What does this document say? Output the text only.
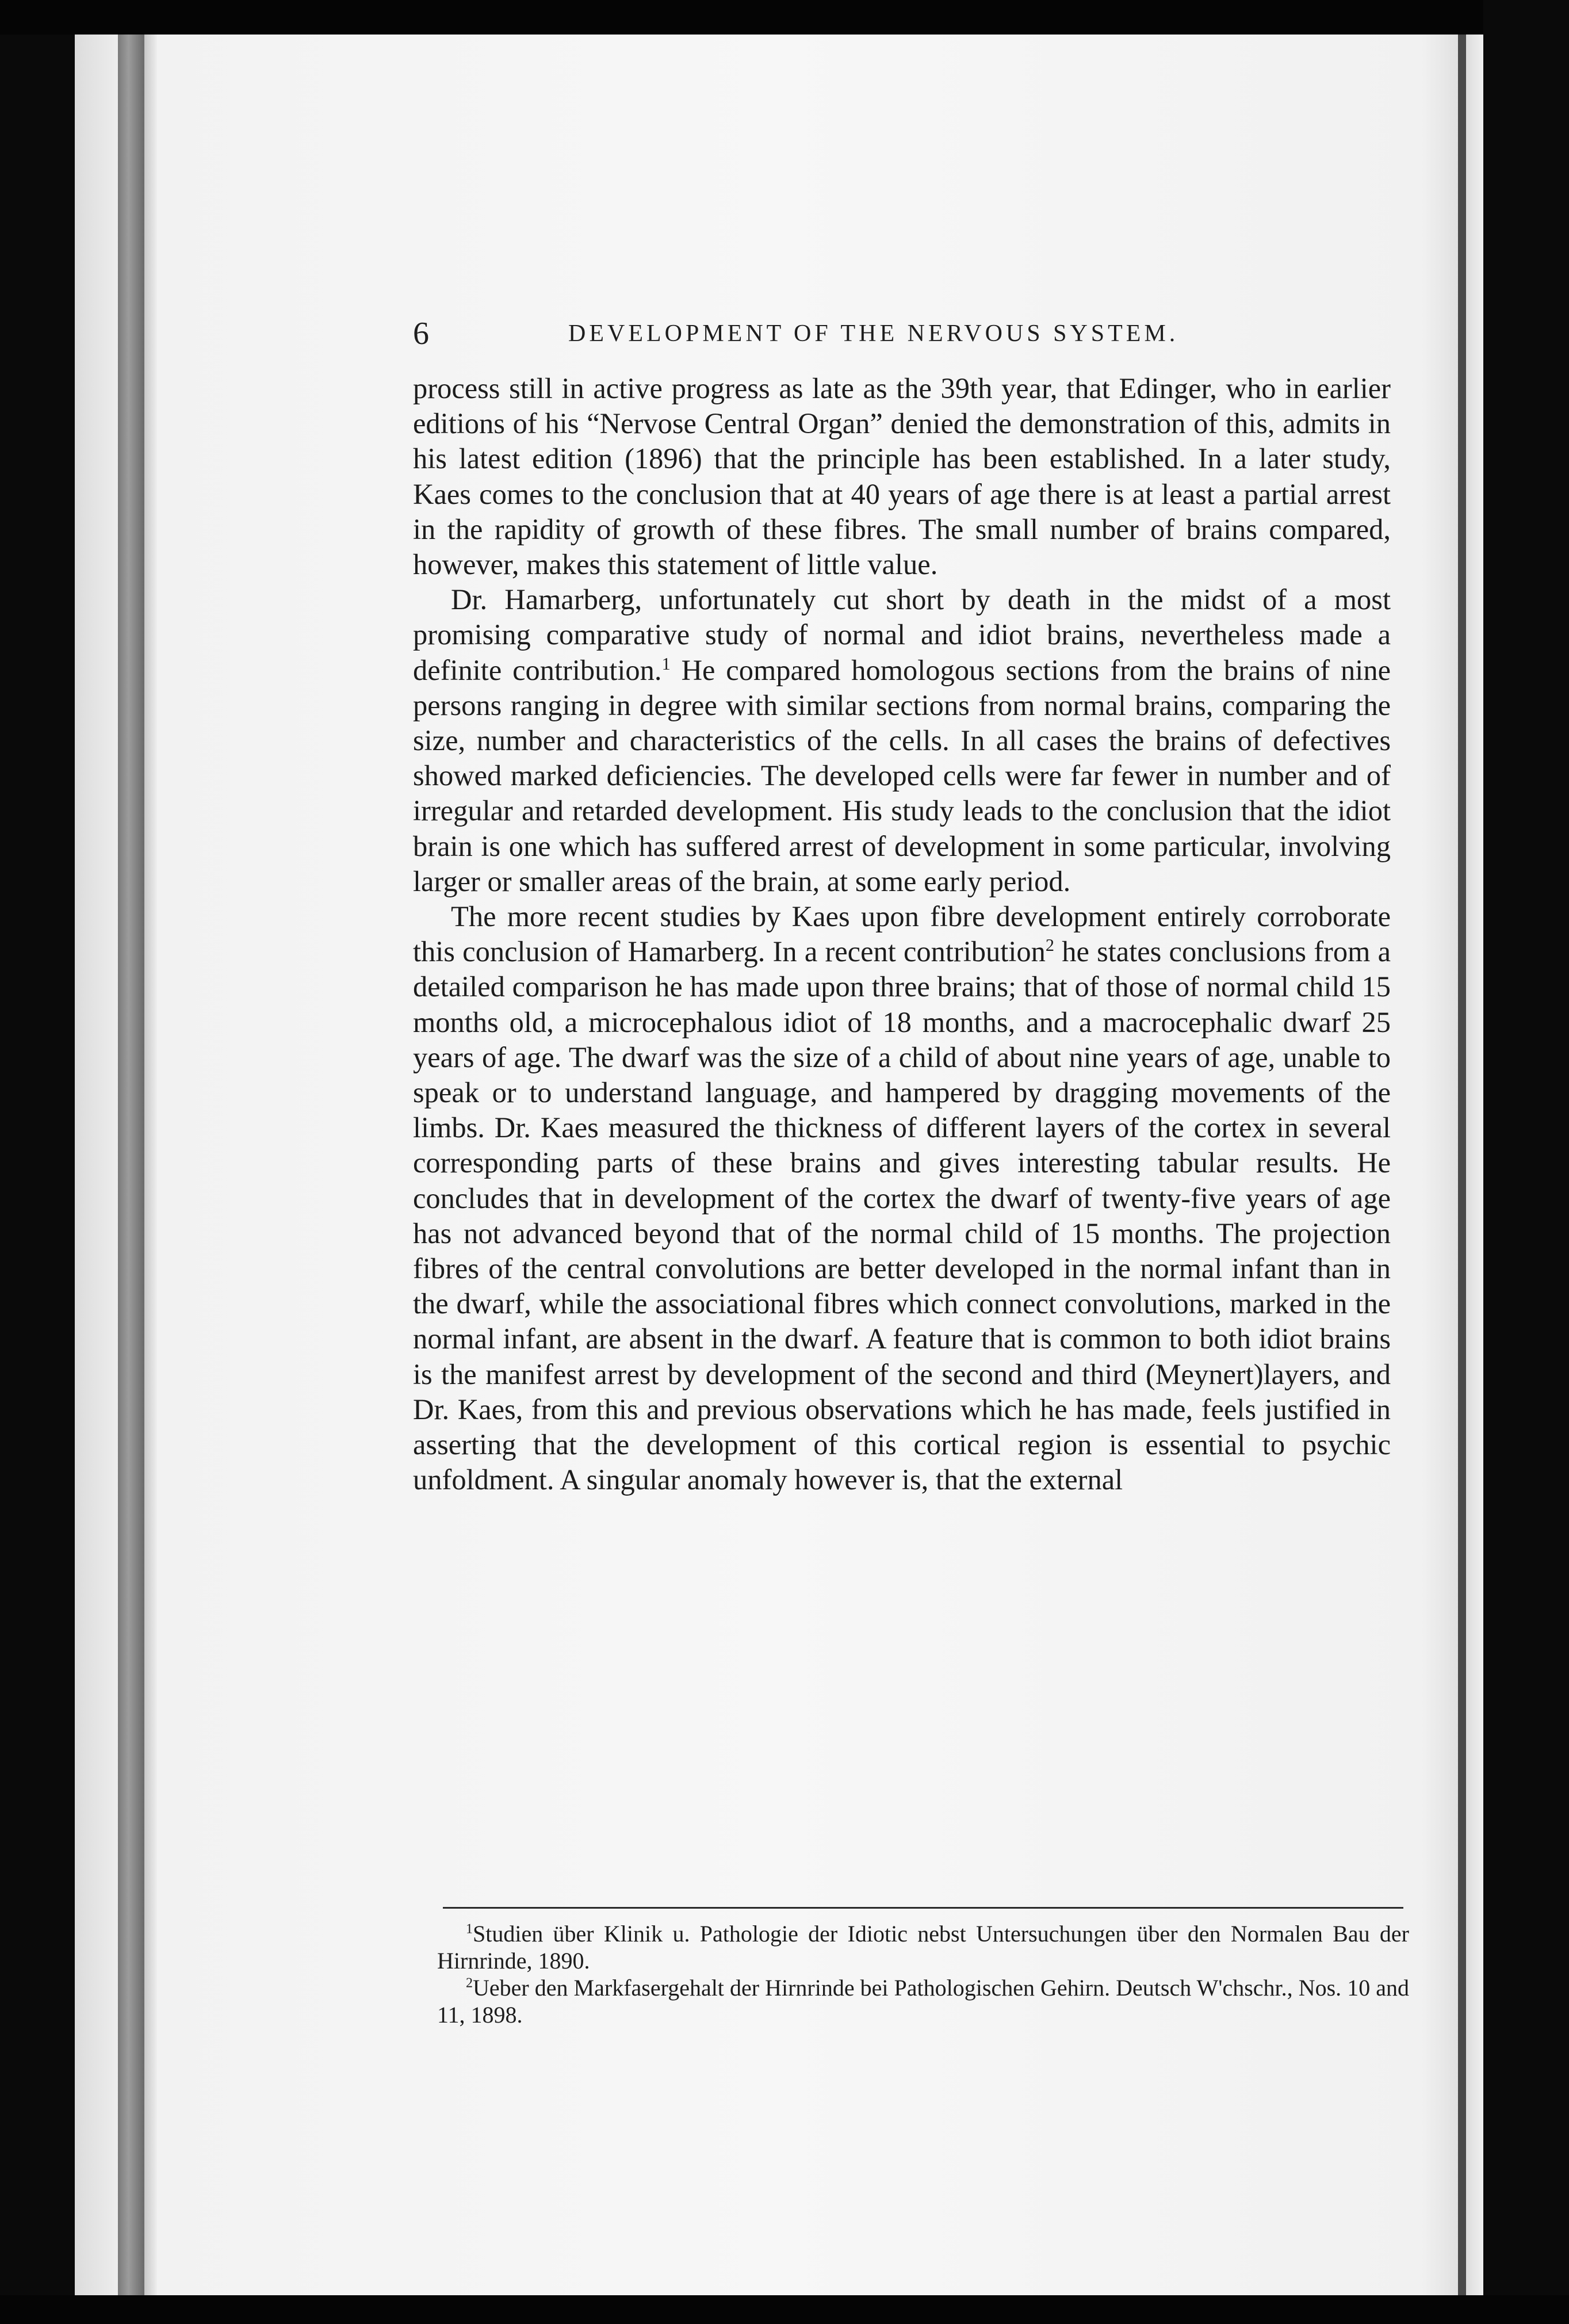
6	DEVELOPMENT OF THE NERVOUS SYSTEM.

process still in active progress as late as the 39th year, that Edinger, who in earlier editions of his “Nervose Central Organ” denied the demonstration of this, admits in his latest edition (1896) that the principle has been established. In a later study, Kaes comes to the conclusion that at 40 years of age there is at least a partial arrest in the rapidity of growth of these fibres. The small number of brains compared, however, makes this statement of little value.

Dr. Hamarberg, unfortunately cut short by death in the midst of a most promising comparative study of normal and idiot brains, nevertheless made a definite contribution.$^1$ He compared homologous sections from the brains of nine persons ranging in degree with similar sections from normal brains, comparing the size, number and characteristics of the cells. In all cases the brains of defectives showed marked deficiencies. The developed cells were far fewer in number and of irregular and retarded development. His study leads to the conclusion that the idiot brain is one which has suffered arrest of development in some particular, involving larger or smaller areas of the brain, at some early period.

The more recent studies by Kaes upon fibre development entirely corroborate this conclusion of Hamarberg. In a recent contribution$^2$ he states conclusions from a detailed comparison he has made upon three brains; that of those of normal child 15 months old, a microcephalous idiot of 18 months, and a macrocephalic dwarf 25 years of age. The dwarf was the size of a child of about nine years of age, unable to speak or to understand language, and hampered by dragging movements of the limbs. Dr. Kaes measured the thickness of different layers of the cortex in several corresponding parts of these brains and gives interesting tabular results. He concludes that in development of the cortex the dwarf of twenty-five years of age has not advanced beyond that of the normal child of 15 months. The projection fibres of the central convolutions are better developed in the normal infant than in the dwarf, while the associational fibres which connect convolutions, marked in the normal infant, are absent in the dwarf. A feature that is common to both idiot brains is the manifest arrest by development of the second and third (Meynert)layers, and Dr. Kaes, from this and previous observations which he has made, feels justified in asserting that the development of this cortical region is essential to psychic unfoldment. A singular anomaly however is, that the external

$^1$Studien über Klinik u. Pathologie der Idiotic nebst Untersuchungen über den Normalen Bau der Hirnrinde, 1890.

$^2$Ueber den Markfasergehalt der Hirnrinde bei Pathologischen Gehirn. Deutsch W'chschr., Nos. 10 and 11, 1898.
